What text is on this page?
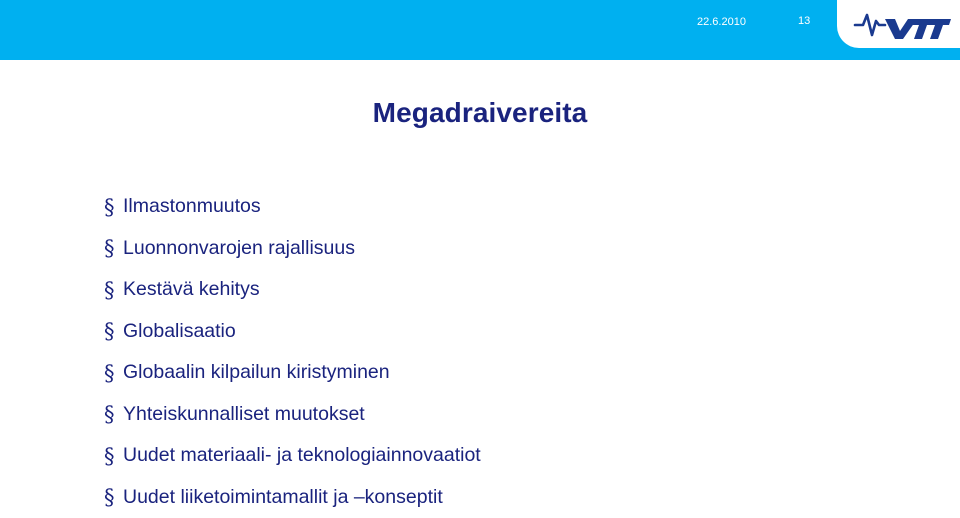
22.6.2010	13
Megadraivereita
§ Ilmastonmuutos
§ Luonnonvarojen rajallisuus
§ Kestävä kehitys
§ Globalisaatio
§ Globaalin kilpailun kiristyminen
§ Yhteiskunnalliset muutokset
§ Uudet materiaali- ja teknologiainnovaatiot
§ Uudet liiketoimintamallit ja –konseptit
